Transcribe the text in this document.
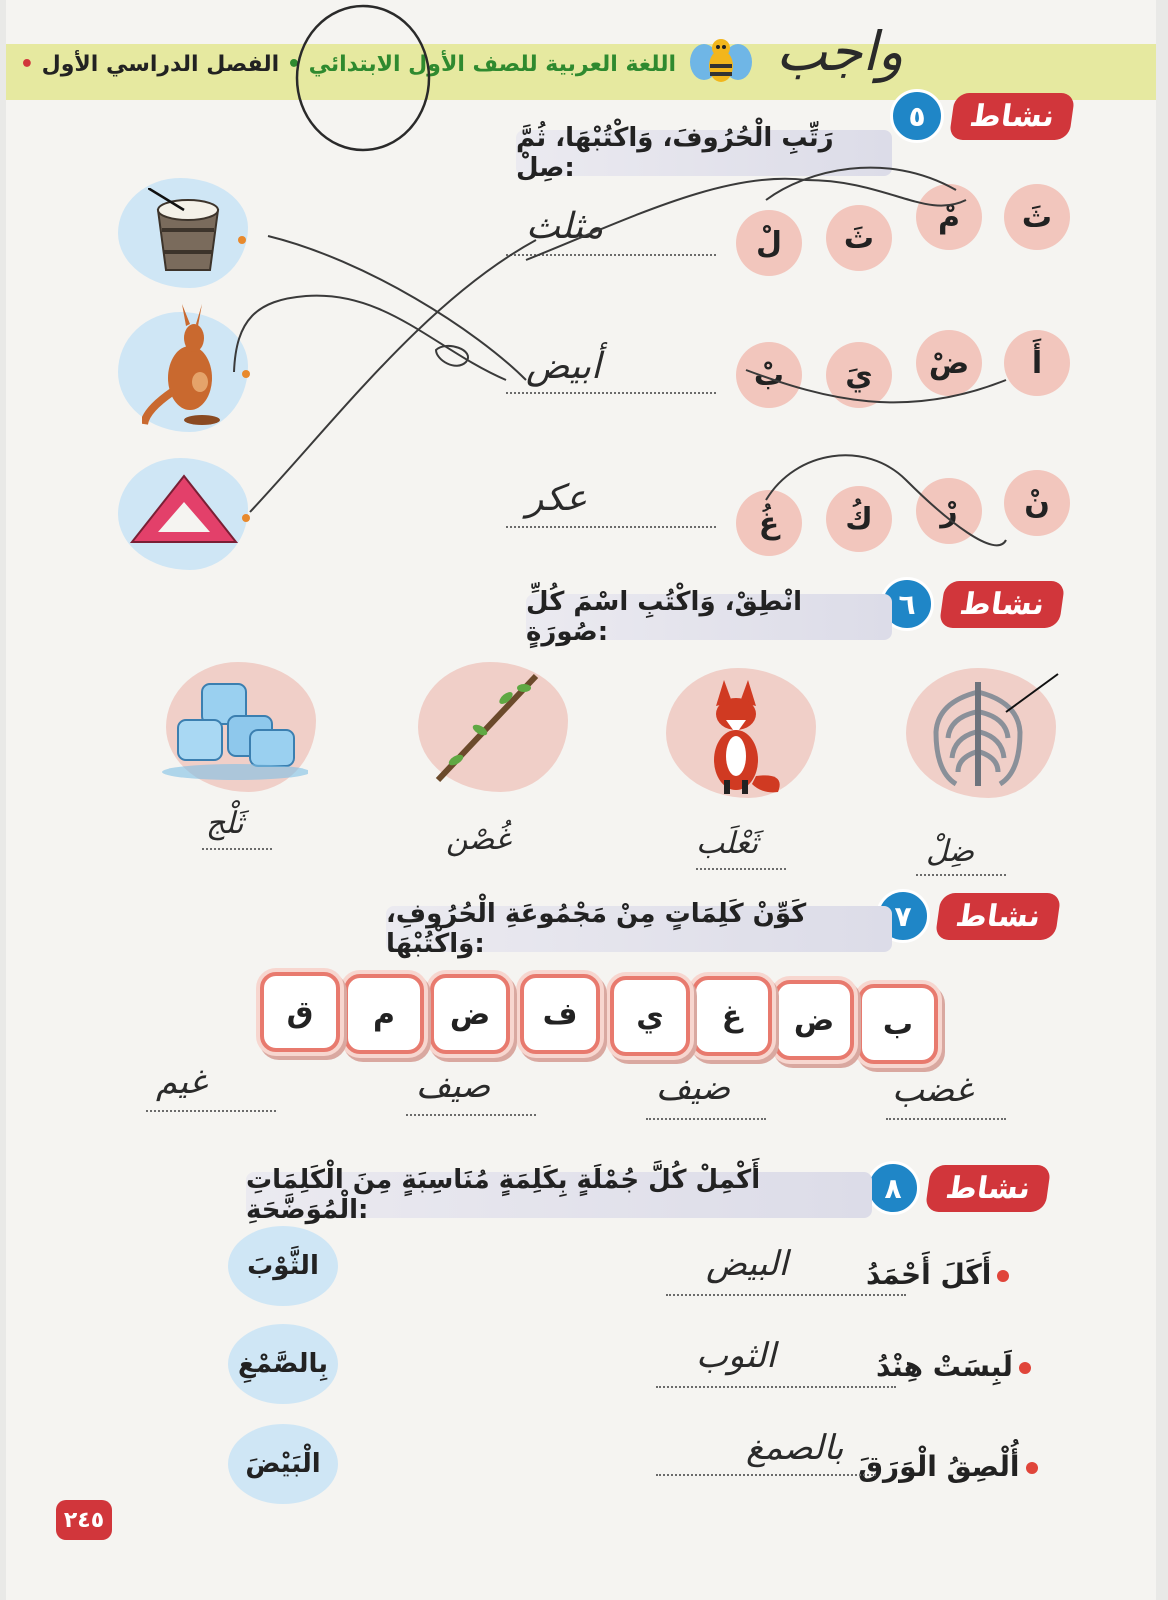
اللغة العربية للصف الأول الابتدائي • الفصل الدراسي الأول •	واجب
٥	نشاط
رَتِّبِ الْحُرُوفَ، وَاكْتُبْهَا، ثُمَّ صِلْ:
ثَ
مْ
ثَ
لْ
مثلث
أَ
ضْ
يَ
بْ
أبيض
نْ
رْ
كُ
غُ
عكر
٦	نشاط
انْطِقْ، وَاكْتُبِ اسْمَ كُلِّ صُورَةٍ:
ضِلْ
ثَعْلَب
غُصْن
ثَلْج
٧	نشاط
كَوِّنْ كَلِمَاتٍ مِنْ مَجْمُوعَةِ الْحُرُوفِ، وَاكْتُبْهَا:
ب
ض
غ
ي
ف
ض
م
ق
غضب
ضيف
صيف
غيم
٨	نشاط
أَكْمِلْ كُلَّ جُمْلَةٍ بِكَلِمَةٍ مُنَاسِبَةٍ مِنَ الْكَلِمَاتِ الْمُوَضَّحَةِ:
أَكَلَ أَحْمَدُ
البيض
لَبِسَتْ هِنْدُ
الثوب
أُلْصِقُ الْوَرَقَ
بالصمغ
الثَّوْبَ
بِالصَّمْغِ
الْبَيْضَ
٢٤٥
